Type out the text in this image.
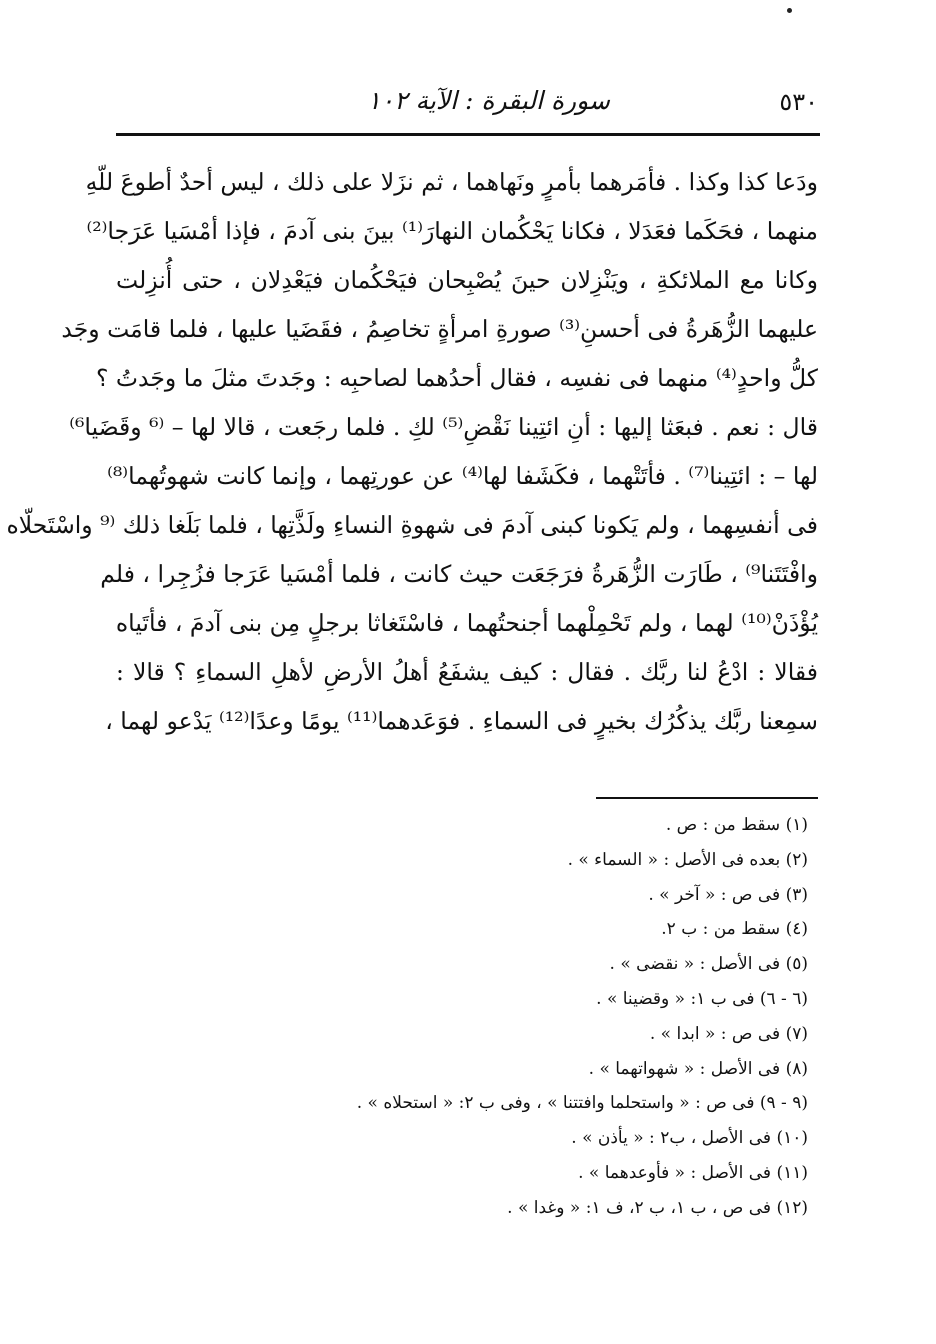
٥٣٠
سورة البقرة : الآية ١٠٢
ودَعا كذا وكذا . فأمَرهما بأمرٍ ونَهاهما ، ثم نزَلا على ذلك ، ليس أحدٌ أطوعَ للّهِ
منهما ، فحَكَما فعَدَلا ، فكانا يَحْكُمان النهارَ⁽¹⁾ بينَ بنى آدمَ ، فإذا أمْسَيا عَرَجا⁽²⁾
وكانا مع الملائكةِ ، ويَنْزِلان حينَ يُصْبِحان فيَحْكُمان فيَعْدِلان ، حتى أُنزِلت
عليهما الزُّهَرةُ فى أحسنِ⁽³⁾ صورةِ امرأةٍ تخاصِمُ ، فقَضَيا عليها ، فلما قامَت وجَد
كلُّ واحدٍ⁽⁴⁾ منهما فى نفسِه ، فقال أحدُهما لصاحبِه : وجَدتَ مثلَ ما وجَدتُ ؟
قال : نعم . فبعَثا إليها : أنِ ائتِينا نَقْضِ⁽⁵⁾ لكِ . فلما رجَعت ، قالا لها – ⁽⁶ وقَضَيا⁶⁾
لها – : ائتِينا⁽⁷⁾ . فأتَتْهما ، فكَشَفا لها⁽⁴⁾ عن عورتِهما ، وإنما كانت شهوتُهما⁽⁸⁾
فى أنفسِهما ، ولم يَكونا كبنى آدمَ فى شهوةِ النساءِ ولَذَّتِها ، فلما بَلَغا ذلك ⁽⁹ واسْتَحلّاه
وافْتَتَنا⁹⁾ ، طَارَت الزُّهَرةُ فرَجَعَت حيث كانت ، فلما أمْسَيا عَرَجا فزُجِرا ، فلم
يُؤْذَنْ⁽¹⁰⁾ لهما ، ولم تَحْمِلْهما أجنحتُهما ، فاسْتَغاثا برجلٍ مِن بنى آدمَ ، فأتَياه
فقالا : ادْعُ لنا ربَّك . فقال : كيف يشفَعُ أهلُ الأرضِ لأهلِ السماءِ ؟ قالا :
سمِعنا ربَّك يذكُرُك بخيرٍ فى السماءِ . فوَعَدهما⁽¹¹⁾ يومًا وعدًا⁽¹²⁾ يَدْعو لهما ،
(١) سقط من : ص .
(٢) بعده فى الأصل : « السماء » .
(٣) فى ص : « آخر » .
(٤) سقط من : ب ٢.
(٥) فى الأصل : « نقضى » .
(٦ - ٦) فى ب ١: « وقضينا » .
(٧) فى ص : « ابدا » .
(٨) فى الأصل : « شهواتهما » .
(٩ - ٩) فى ص : « واستحلما وافتتنا » ، وفى ب ٢: « استحلاه » .
(١٠) فى الأصل ، ب٢ : « يأذن » .
(١١) فى الأصل : « فأوعدهما » .
(١٢) فى ص ، ب ١، ب ٢، ف ١: « وغدا » .
